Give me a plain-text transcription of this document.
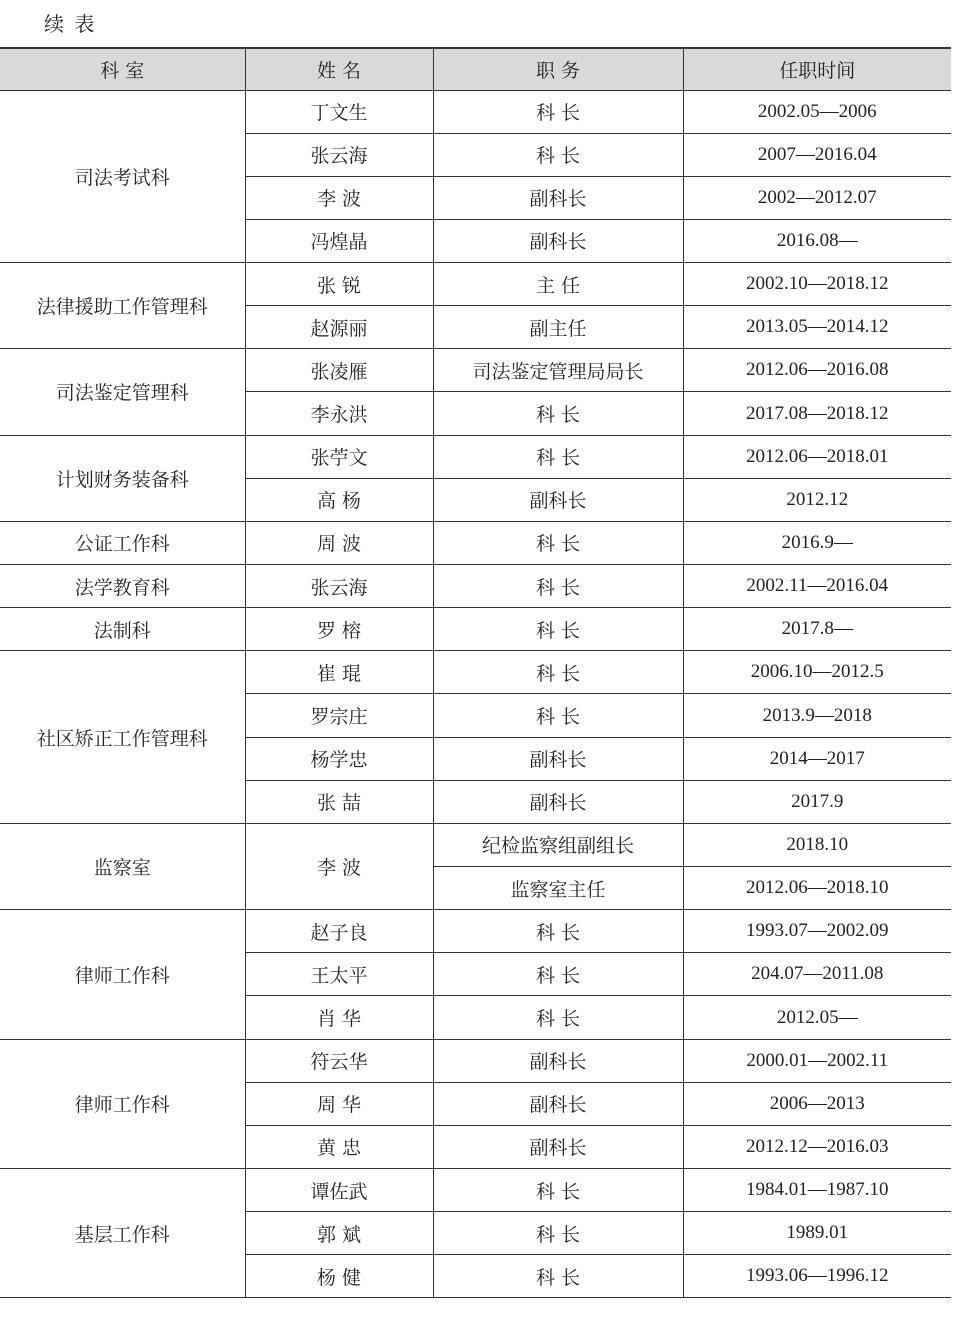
续 表
科 室	姓 名	职 务	任职时间
司法考试科	丁文生	科 长	2002.05—2006
	张云海	科 长	2007—2016.04
	李 波	副科长	2002—2012.07
	冯煌晶	副科长	2016.08—
法律援助工作管理科	张 锐	主 任	2002.10—2018.12
	赵源丽	副主任	2013.05—2014.12
司法鉴定管理科	张凌雁	司法鉴定管理局局长	2012.06—2016.08
	李永洪	科 长	2017.08—2018.12
计划财务装备科	张苧文	科 长	2012.06—2018.01
	高 杨	副科长	2012.12
公证工作科	周 波	科 长	2016.9—
法学教育科	张云海	科 长	2002.11—2016.04
法制科	罗 榕	科 长	2017.8—
社区矫正工作管理科	崔 琨	科 长	2006.10—2012.5
	罗宗庄	科 长	2013.9—2018
	杨学忠	副科长	2014—2017
	张 喆	副科长	2017.9
监察室	李 波	纪检监察组副组长	2018.10
		监察室主任	2012.06—2018.10
律师工作科	赵子良	科 长	1993.07—2002.09
	王太平	科 长	204.07—2011.08
	肖 华	科 长	2012.05—
律师工作科	符云华	副科长	2000.01—2002.11
	周 华	副科长	2006—2013
	黄 忠	副科长	2012.12—2016.03
基层工作科	谭佐武	科 长	1984.01—1987.10
	郭 斌	科 长	1989.01
	杨 健	科 长	1993.06—1996.12
